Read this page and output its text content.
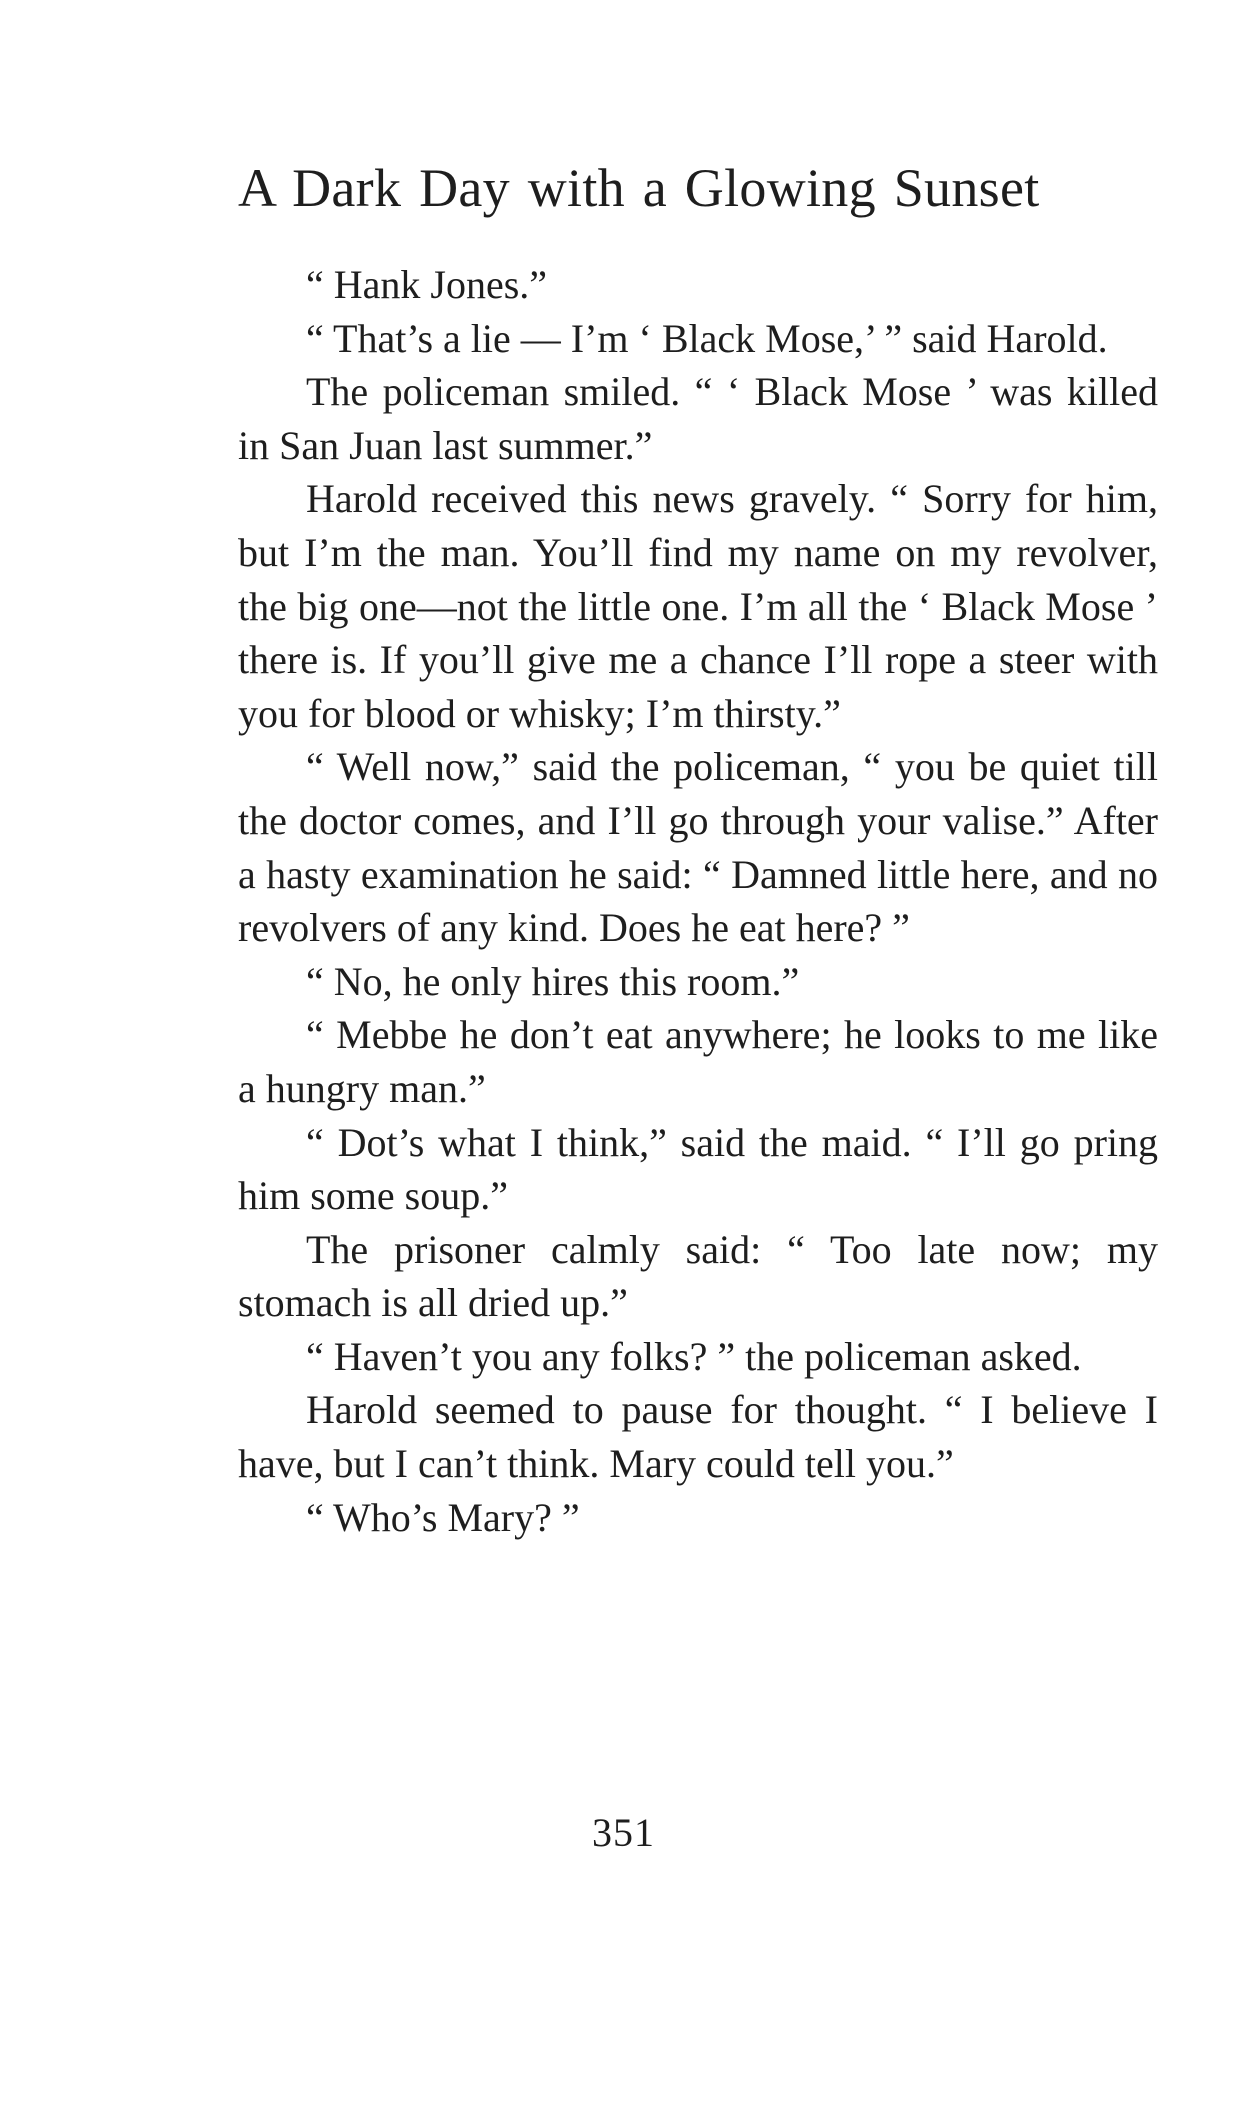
A Dark Day with a Glowing Sunset

“ Hank Jones.”

“ That’s a lie — I’m ‘ Black Mose,’ ” said Harold.

The policeman smiled. “ ‘ Black Mose ’ was killed in San Juan last summer.”

Harold received this news gravely. “ Sorry for him, but I’m the man. You’ll find my name on my revolver, the big one—not the little one. I’m all the ‘ Black Mose ’ there is. If you’ll give me a chance I’ll rope a steer with you for blood or whisky; I’m thirsty.”

“ Well now,” said the policeman, “ you be quiet till the doctor comes, and I’ll go through your valise.” After a hasty examination he said: “ Damned little here, and no revolvers of any kind. Does he eat here? ”

“ No, he only hires this room.”

“ Mebbe he don’t eat anywhere; he looks to me like a hungry man.”

“ Dot’s what I think,” said the maid. “ I’ll go pring him some soup.”

The prisoner calmly said: “ Too late now; my stomach is all dried up.”

“ Haven’t you any folks? ” the policeman asked.

Harold seemed to pause for thought. “ I believe I have, but I can’t think. Mary could tell you.”

“ Who’s Mary? ”

351
